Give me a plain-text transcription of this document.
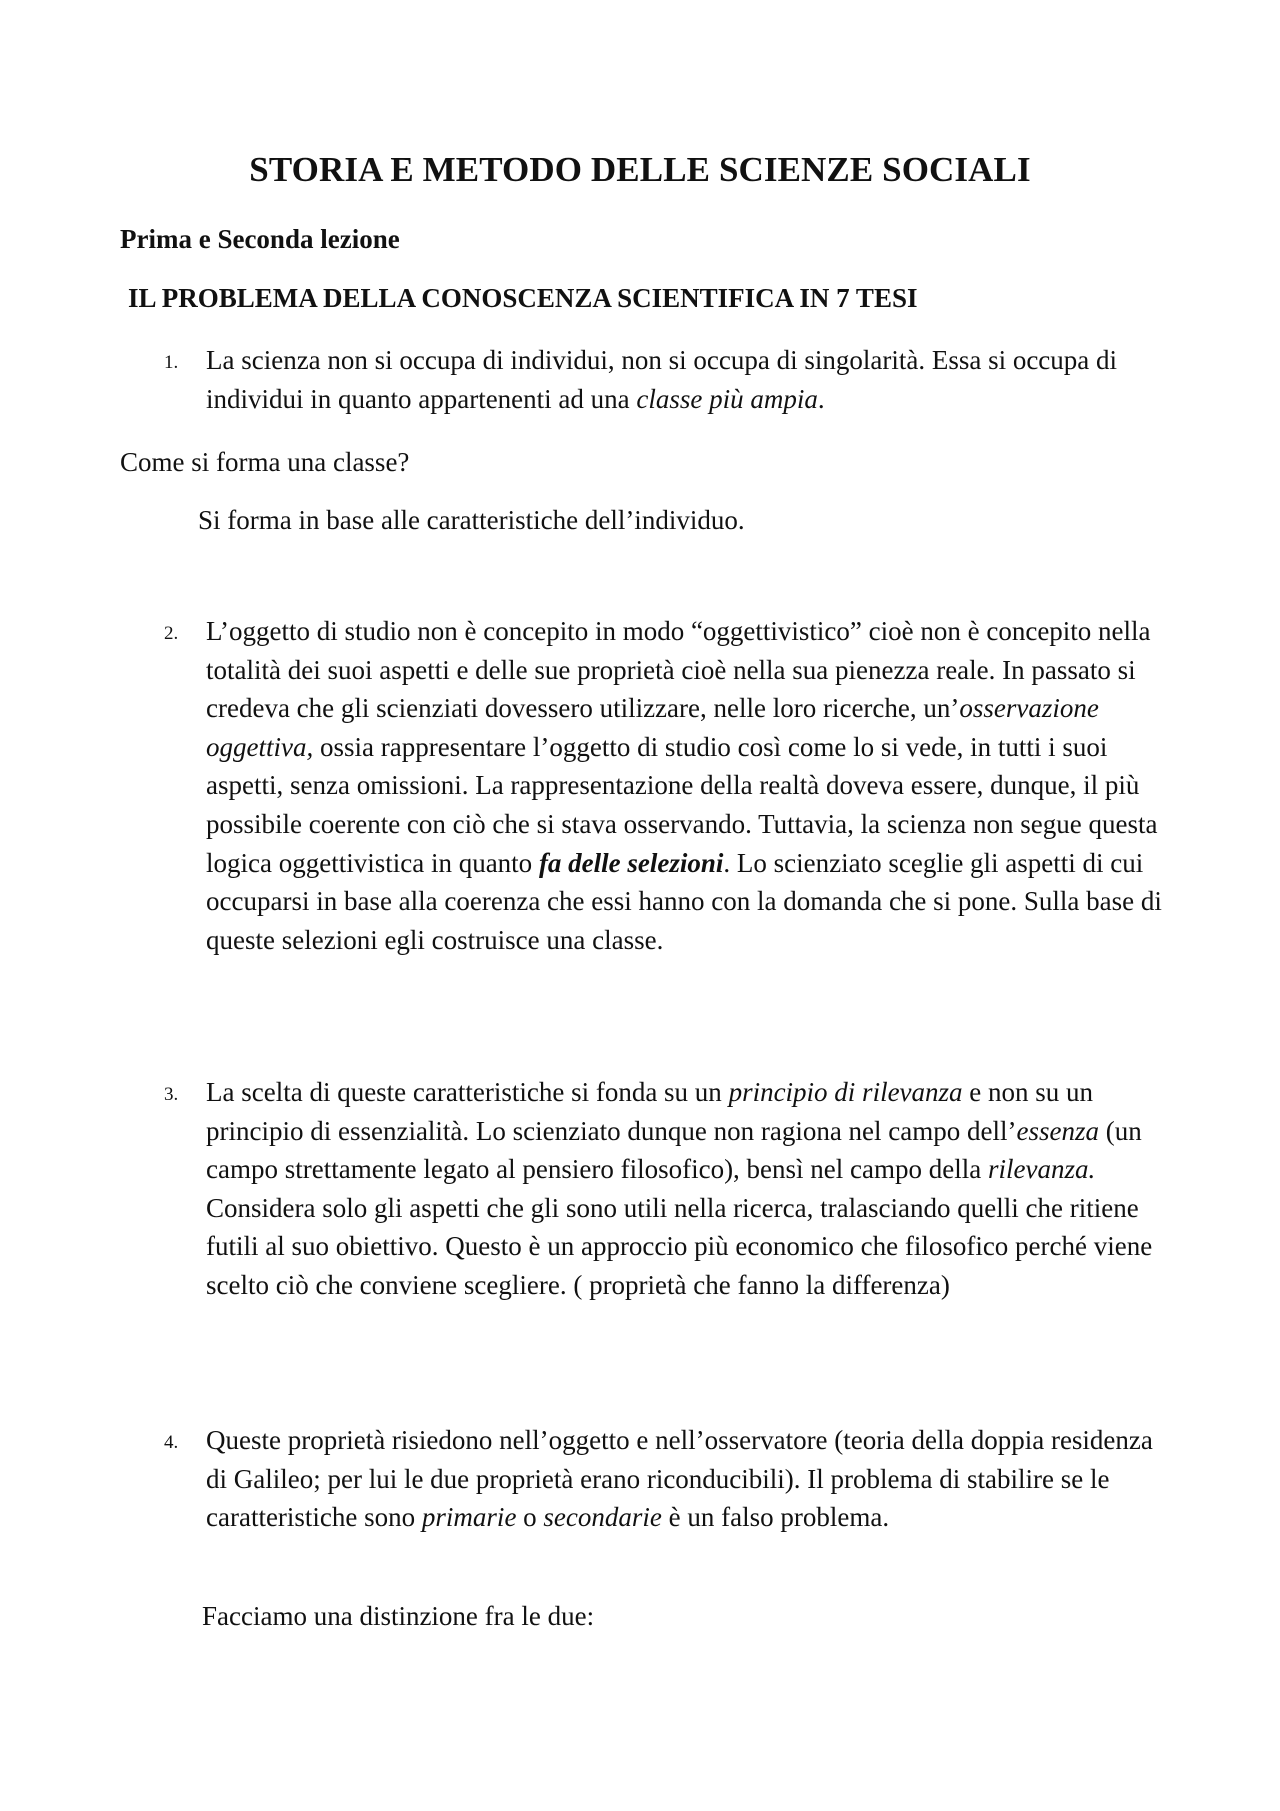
STORIA E METODO DELLE SCIENZE SOCIALI
Prima e Seconda lezione
IL PROBLEMA DELLA CONOSCENZA SCIENTIFICA IN 7 TESI

1. La scienza non si occupa di individui, non si occupa di singolarità. Essa si occupa di individui in quanto appartenenti ad una classe più ampia.

Come si forma una classe?

Si forma in base alle caratteristiche dell’individuo.

2. L’oggetto di studio non è concepito in modo “oggettivistico” cioè non è concepito nella totalità dei suoi aspetti e delle sue proprietà cioè nella sua pienezza reale. In passato si credeva che gli scienziati dovessero utilizzare, nelle loro ricerche, un’osservazione oggettiva, ossia rappresentare l’oggetto di studio così come lo si vede, in tutti i suoi aspetti, senza omissioni. La rappresentazione della realtà doveva essere, dunque, il più possibile coerente con ciò che si stava osservando. Tuttavia, la scienza non segue questa logica oggettivistica in quanto fa delle selezioni. Lo scienziato sceglie gli aspetti di cui occuparsi in base alla coerenza che essi hanno con la domanda che si pone. Sulla base di queste selezioni egli costruisce una classe.

3. La scelta di queste caratteristiche si fonda su un principio di rilevanza e non su un principio di essenzialità. Lo scienziato dunque non ragiona nel campo dell’essenza (un campo strettamente legato al pensiero filosofico), bensì nel campo della rilevanza. Considera solo gli aspetti che gli sono utili nella ricerca, tralasciando quelli che ritiene futili al suo obiettivo. Questo è un approccio più economico che filosofico perché viene scelto ciò che conviene scegliere. ( proprietà che fanno la differenza)

4. Queste proprietà risiedono nell’oggetto e nell’osservatore (teoria della doppia residenza di Galileo; per lui le due proprietà erano riconducibili). Il problema di stabilire se le caratteristiche sono primarie o secondarie è un falso problema.

Facciamo una distinzione fra le due:
